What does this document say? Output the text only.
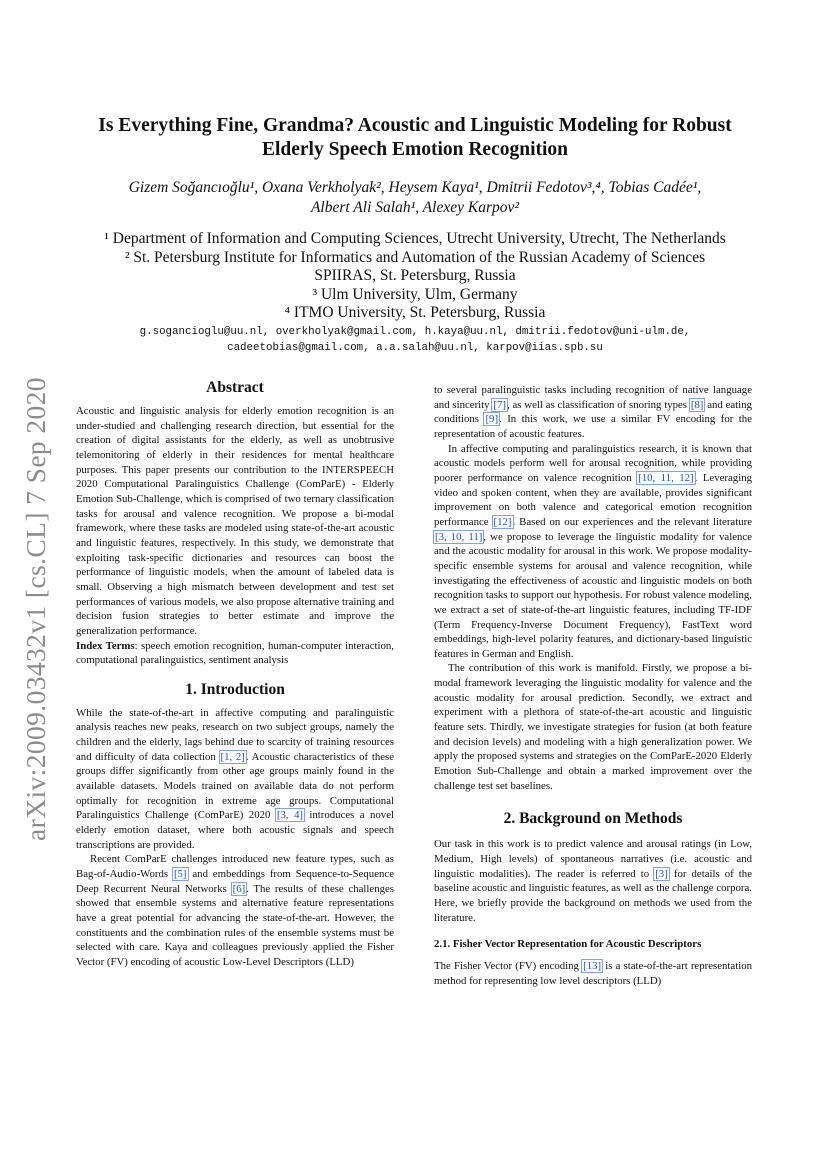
arXiv:2009.03432v1 [cs.CL] 7 Sep 2020
Is Everything Fine, Grandma? Acoustic and Linguistic Modeling for Robust Elderly Speech Emotion Recognition
Gizem Soğancıoğlu¹, Oxana Verkholyak², Heysem Kaya¹, Dmitrii Fedotov³,⁴, Tobias Cadée¹,
Albert Ali Salah¹, Alexey Karpov²
¹ Department of Information and Computing Sciences, Utrecht University, Utrecht, The Netherlands
² St. Petersburg Institute for Informatics and Automation of the Russian Academy of Sciences
SPIIRAS, St. Petersburg, Russia
³ Ulm University, Ulm, Germany
⁴ ITMO University, St. Petersburg, Russia
g.sogancioglu@uu.nl, overkholyak@gmail.com, h.kaya@uu.nl, dmitrii.fedotov@uni-ulm.de,
cadeetobias@gmail.com, a.a.salah@uu.nl, karpov@iias.spb.su
Abstract

Acoustic and linguistic analysis for elderly emotion recognition is an under-studied and challenging research direction, but essential for the creation of digital assistants for the elderly, as well as unobtrusive telemonitoring of elderly in their residences for mental healthcare purposes. This paper presents our contribution to the INTERSPEECH 2020 Computational Paralinguistics Challenge (ComParE) - Elderly Emotion Sub-Challenge, which is comprised of two ternary classification tasks for arousal and valence recognition. We propose a bi-modal framework, where these tasks are modeled using state-of-the-art acoustic and linguistic features, respectively. In this study, we demonstrate that exploiting task-specific dictionaries and resources can boost the performance of linguistic models, when the amount of labeled data is small. Observing a high mismatch between development and test set performances of various models, we also propose alternative training and decision fusion strategies to better estimate and improve the generalization performance.

Index Terms: speech emotion recognition, human-computer interaction, computational paralinguistics, sentiment analysis

1. Introduction

While the state-of-the-art in affective computing and paralinguistic analysis reaches new peaks, research on two subject groups, namely the children and the elderly, lags behind due to scarcity of training resources and difficulty of data collection [1, 2]. Acoustic characteristics of these groups differ significantly from other age groups mainly found in the available datasets. Models trained on available data do not perform optimally for recognition in extreme age groups. Computational Paralinguistics Challenge (ComParE) 2020 [3, 4] introduces a novel elderly emotion dataset, where both acoustic signals and speech transcriptions are provided.

Recent ComParE challenges introduced new feature types, such as Bag-of-Audio-Words [5] and embeddings from Sequence-to-Sequence Deep Recurrent Neural Networks [6]. The results of these challenges showed that ensemble systems and alternative feature representations have a great potential for advancing the state-of-the-art. However, the constituents and the combination rules of the ensemble systems must be selected with care. Kaya and colleagues previously applied the Fisher Vector (FV) encoding of acoustic Low-Level Descriptors (LLD)

to several paralinguistic tasks including recognition of native language and sincerity [7], as well as classification of snoring types [8] and eating conditions [9]. In this work, we use a similar FV encoding for the representation of acoustic features.

In affective computing and paralinguistics research, it is known that acoustic models perform well for arousal recognition, while providing poorer performance on valence recognition [10, 11, 12]. Leveraging video and spoken content, when they are available, provides significant improvement on both valence and categorical emotion recognition performance [12]. Based on our experiences and the relevant literature [3, 10, 11], we propose to leverage the linguistic modality for valence and the acoustic modality for arousal in this work. We propose modality-specific ensemble systems for arousal and valence recognition, while investigating the effectiveness of acoustic and linguistic models on both recognition tasks to support our hypothesis. For robust valence modeling, we extract a set of state-of-the-art linguistic features, including TF-IDF (Term Frequency-Inverse Document Frequency), FastText word embeddings, high-level polarity features, and dictionary-based linguistic features in German and English.

The contribution of this work is manifold. Firstly, we propose a bi-modal framework leveraging the linguistic modality for valence and the acoustic modality for arousal prediction. Secondly, we extract and experiment with a plethora of state-of-the-art acoustic and linguistic feature sets. Thirdly, we investigate strategies for fusion (at both feature and decision levels) and modeling with a high generalization power. We apply the proposed systems and strategies on the ComParE-2020 Elderly Emotion Sub-Challenge and obtain a marked improvement over the challenge test set baselines.

2. Background on Methods

Our task in this work is to predict valence and arousal ratings (in Low, Medium, High levels) of spontaneous narratives (i.e. acoustic and linguistic modalities). The reader is referred to [3] for details of the baseline acoustic and linguistic features, as well as the challenge corpora. Here, we briefly provide the background on methods we used from the literature.

2.1. Fisher Vector Representation for Acoustic Descriptors

The Fisher Vector (FV) encoding [13] is a state-of-the-art representation method for representing low level descriptors (LLD)
